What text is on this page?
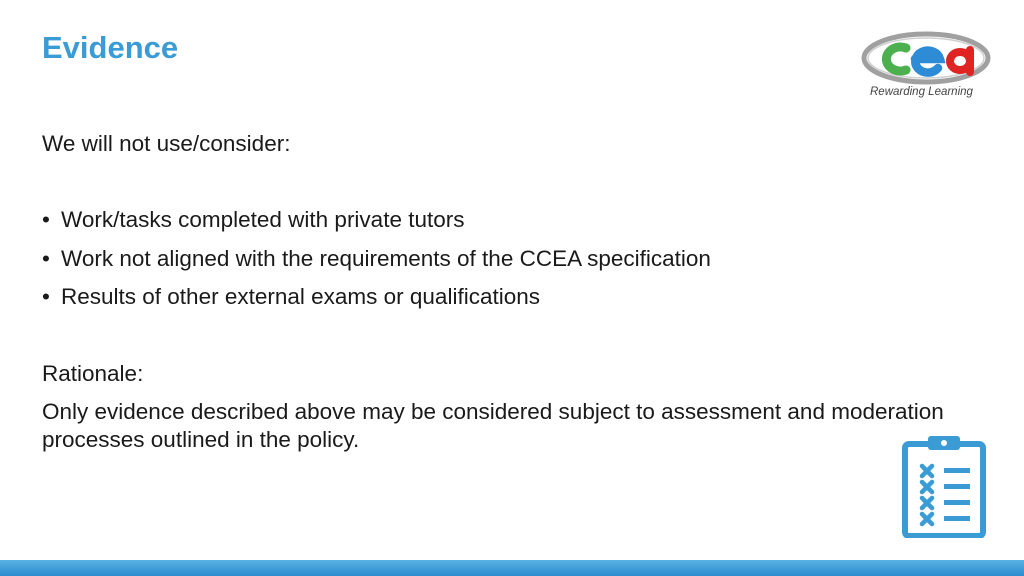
Evidence
Rewarding Learning

We will not use/consider:

• Work/tasks completed with private tutors
• Work not aligned with the requirements of the CCEA specification
• Results of other external exams or qualifications

Rationale:

Only evidence described above may be considered subject to assessment and moderation processes outlined in the policy.
